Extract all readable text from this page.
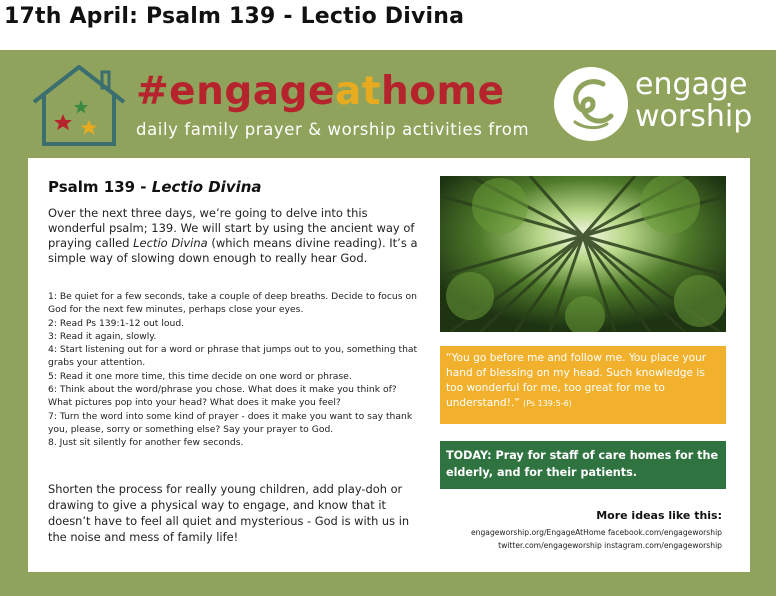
17th April: Psalm 139 - Lectio Divina
#engageathome
daily family prayer & worship activities from
engage
worship
Psalm 139 - Lectio Divina

Over the next three days, we’re going to delve into this wonderful psalm; 139. We will start by using the ancient way of praying called Lectio Divina (which means divine reading). It’s a simple way of slowing down enough to really hear God.

1: Be quiet for a few seconds, take a couple of deep breaths. Decide to focus on God for the next few minutes, perhaps close your eyes.
2: Read Ps 139:1-12 out loud.
3: Read it again, slowly.
4: Start listening out for a word or phrase that jumps out to you, something that grabs your attention.
5: Read it one more time, this time decide on one word or phrase.
6: Think about the word/phrase you chose. What does it make you think of? What pictures pop into your head? What does it make you feel?
7: Turn the word into some kind of prayer - does it make you want to say thank you, please, sorry or something else? Say your prayer to God.
8. Just sit silently for another few seconds.

Shorten the process for really young children, add play-doh or drawing to give a physical way to engage, and know that it doesn’t have to feel all quiet and mysterious - God is with us in the noise and mess of family life!

“You go before me and follow me. You place your hand of blessing on my head. Such knowledge is too wonderful for me, too great for me to understand!.” (Ps 139:5-6)
TODAY: Pray for staff of care homes for the elderly, and for their patients.
More ideas like this:
engageworship.org/EngageAtHome facebook.com/engageworship
twitter.com/engageworship instagram.com/engageworship
